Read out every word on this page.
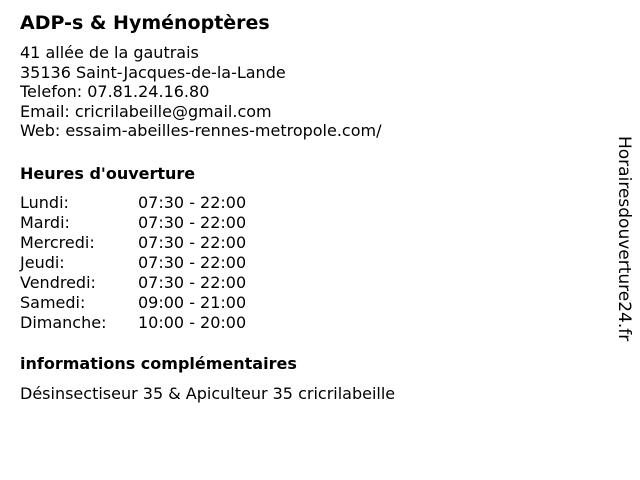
ADP-s & Hyménoptères
41 allée de la gautrais
35136 Saint-Jacques-de-la-Lande
Telefon: 07.81.24.16.80
Email: cricrilabeille@gmail.com
Web: essaim-abeilles-rennes-metropole.com/
Heures d'ouverture
Lundi:	07:30 - 22:00
Mardi:	07:30 - 22:00
Mercredi:	07:30 - 22:00
Jeudi:	07:30 - 22:00
Vendredi:	07:30 - 22:00
Samedi:	09:00 - 21:00
Dimanche:	10:00 - 20:00
informations complémentaires
Désinsectiseur 35 & Apiculteur 35 cricrilabeille
Horairesdouverture24.fr
